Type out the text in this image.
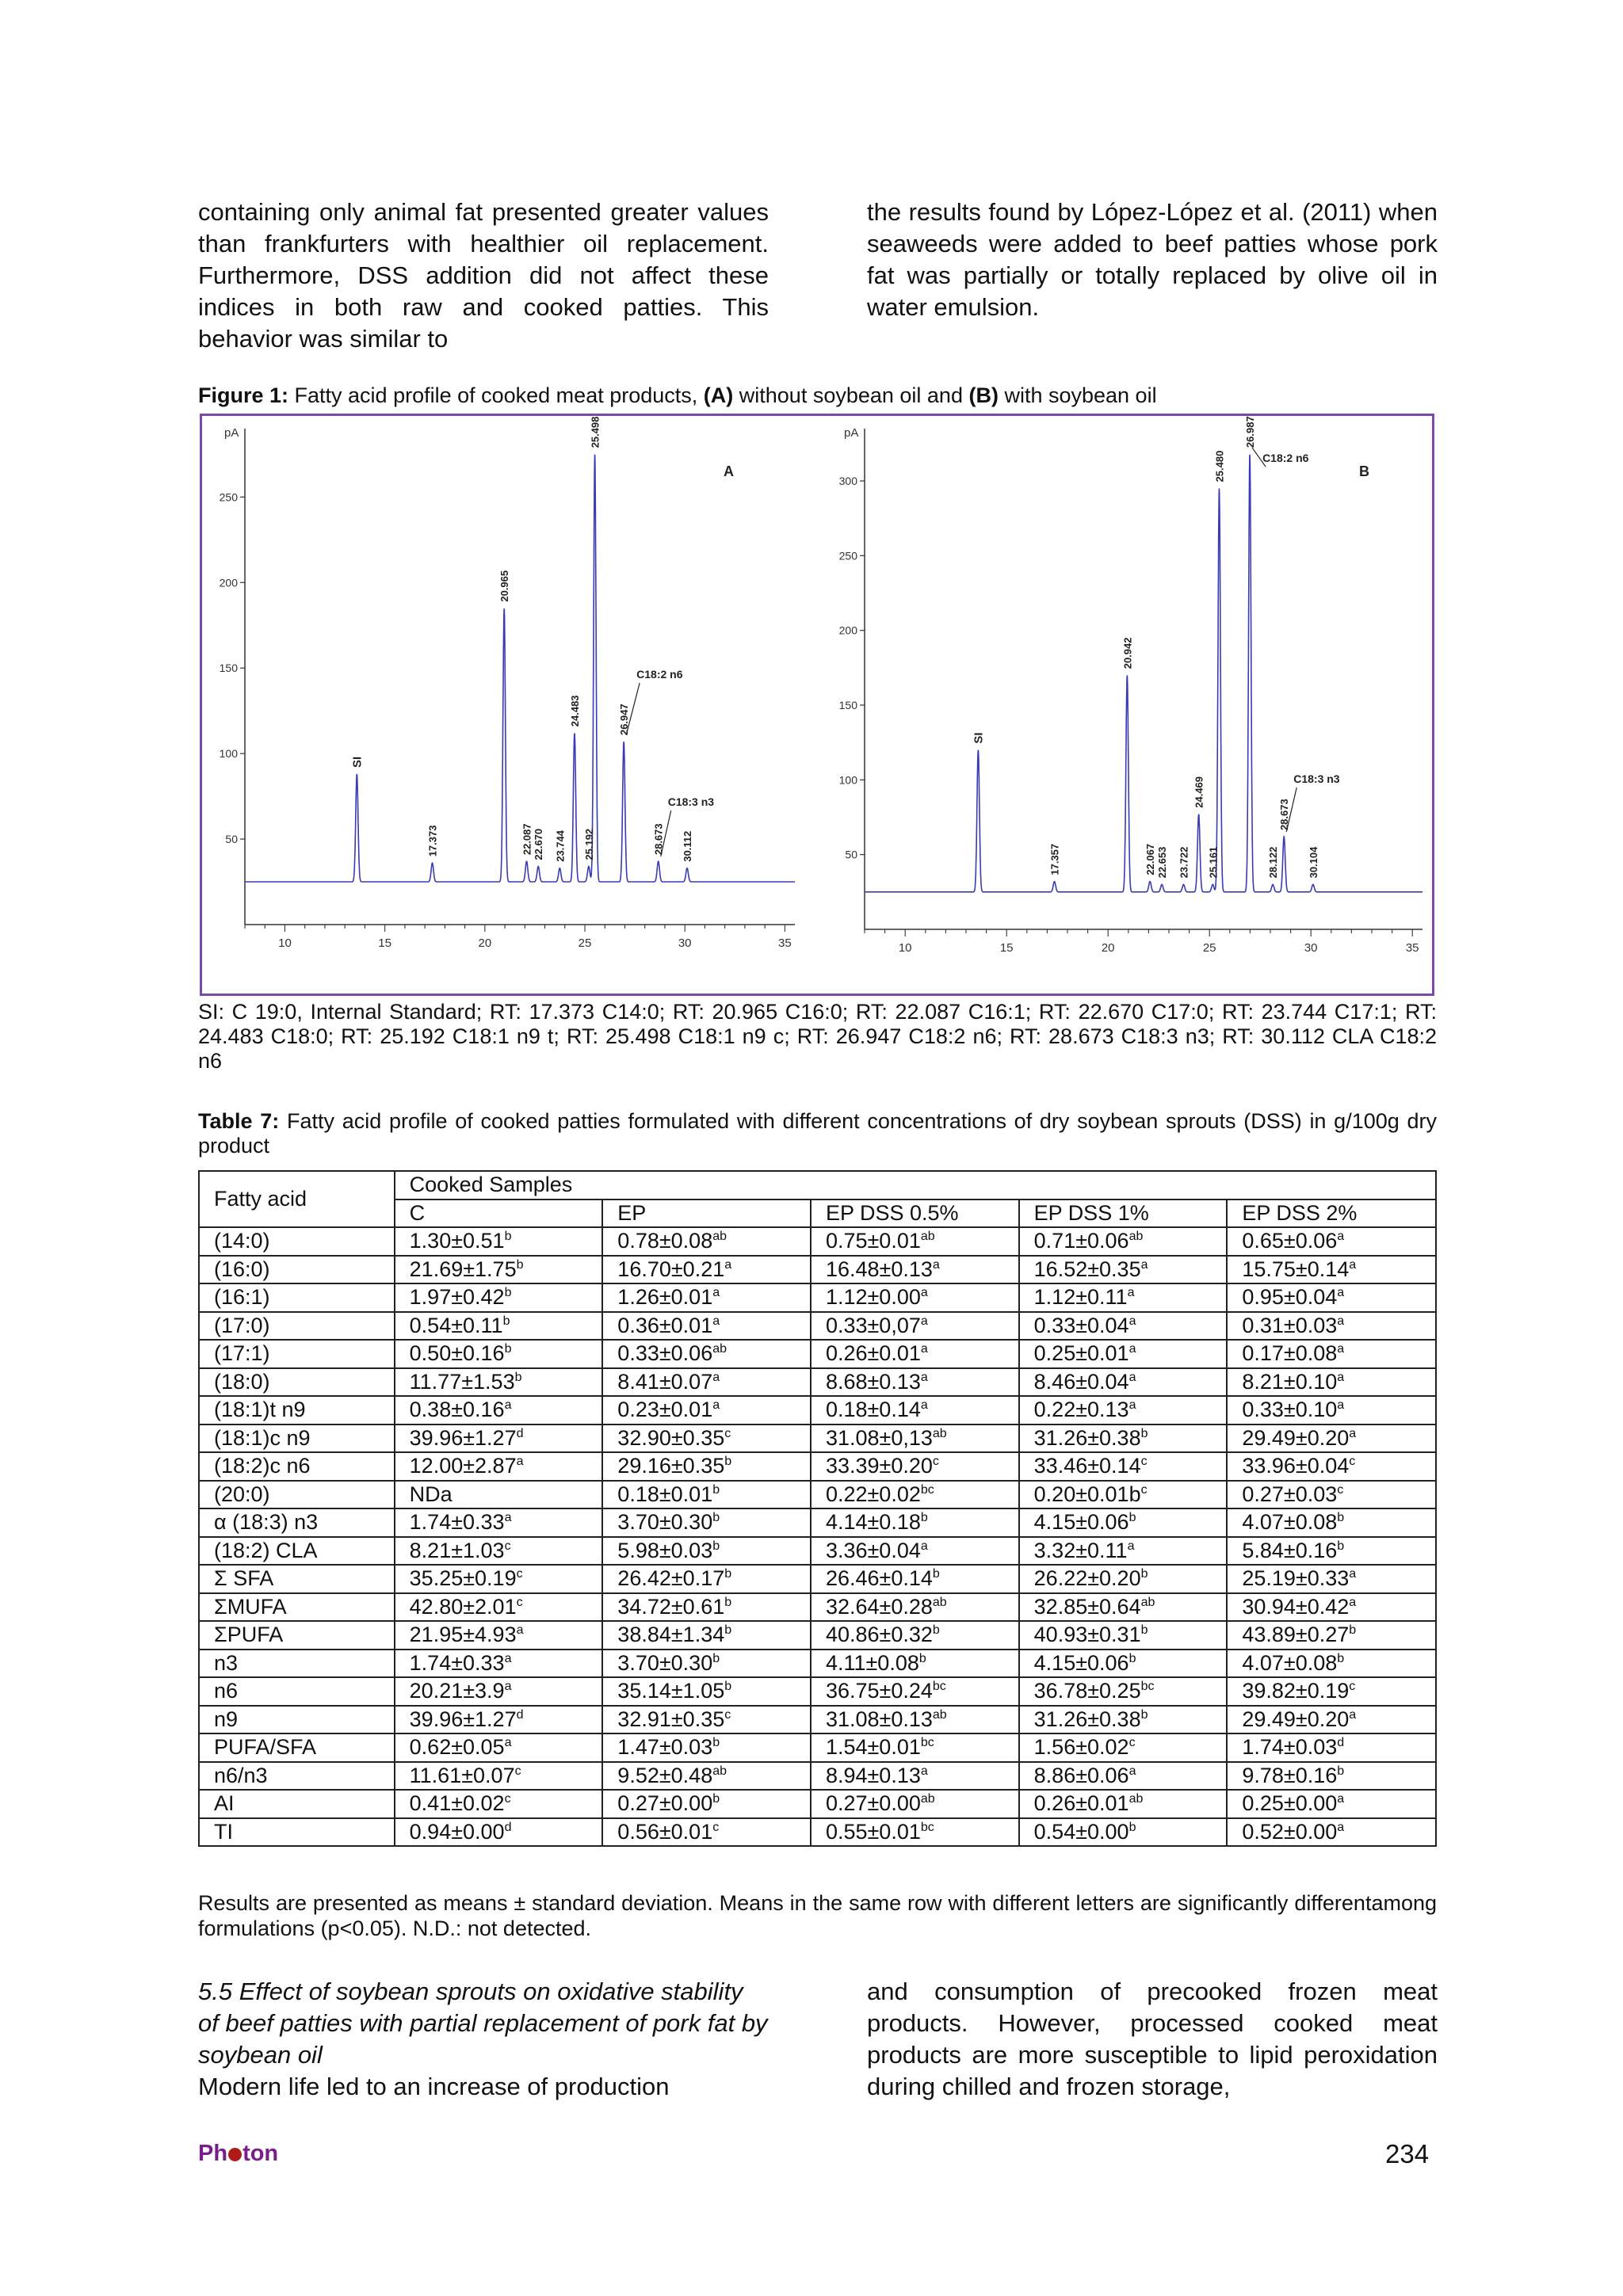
containing only animal fat presented greater values than frankfurters with healthier oil replacement. Furthermore, DSS addition did not affect these indices in both raw and cooked patties. This behavior was similar to

the results found by López-López et al. (2011) when seaweeds were added to beef patties whose pork fat was partially or totally replaced by olive oil in water emulsion.

Figure 1: Fatty acid profile of cooked meat products, (A) without soybean oil and (B) with soybean oil
pA
50
100
150
200
250
10	15	20	25	30	35
SI
17.373
20.965
22.087 22.670 23.744
24.483
25.192
25.498
26.947
28.673 30.112
C18:2 n6
C18:3 n3
A
pA
50
100
150
200
250
300
10	15	20	25	30	35
SI
17.357
20.942
22.067 22.653 23.722
24.469
25.161
25.480
26.987
28.122
28.673
30.104
C18:2 n6
C18:3 n3
B
SI: C 19:0, Internal Standard; RT: 17.373 C14:0; RT: 20.965 C16:0; RT: 22.087 C16:1; RT: 22.670 C17:0; RT: 23.744 C17:1; RT: 24.483 C18:0; RT: 25.192 C18:1 n9 t; RT: 25.498 C18:1 n9 c; RT: 26.947 C18:2 n6; RT: 28.673 C18:3 n3; RT: 30.112 CLA C18:2 n6
Table 7: Fatty acid profile of cooked patties formulated with different concentrations of dry soybean sprouts (DSS) in g/100g dry product
Fatty acid	Cooked Samples				
	C	EP	EP DSS 0.5%	EP DSS 1%	EP DSS 2%
(14:0)	1.30±0.51$^b$	0.78±0.08$^{ab}$	0.75±0.01$^{ab}$	0.71±0.06$^{ab}$	0.65±0.06$^a$
(16:0)	21.69±1.75$^b$	16.70±0.21$^a$	16.48±0.13$^a$	16.52±0.35$^a$	15.75±0.14$^a$
(16:1)	1.97±0.42$^b$	1.26±0.01$^a$	1.12±0.00$^a$	1.12±0.11$^a$	0.95±0.04$^a$
(17:0)	0.54±0.11$^b$	0.36±0.01$^a$	0.33±0,07$^a$	0.33±0.04$^a$	0.31±0.03$^a$
(17:1)	0.50±0.16$^b$	0.33±0.06$^{ab}$	0.26±0.01$^a$	0.25±0.01$^a$	0.17±0.08$^a$
(18:0)	11.77±1.53$^b$	8.41±0.07$^a$	8.68±0.13$^a$	8.46±0.04$^a$	8.21±0.10$^a$
(18:1)t n9	0.38±0.16$^a$	0.23±0.01$^a$	0.18±0.14$^a$	0.22±0.13$^a$	0.33±0.10$^a$
(18:1)c n9	39.96±1.27$^d$	32.90±0.35$^c$	31.08±0,13$^{ab}$	31.26±0.38$^b$	29.49±0.20$^a$
(18:2)c n6	12.00±2.87$^a$	29.16±0.35$^b$	33.39±0.20$^c$	33.46±0.14$^c$	33.96±0.04$^c$
(20:0)	NDa	0.18±0.01$^b$	0.22±0.02$^{bc}$	$0.20\pm 0.01b^c$	0.27±0.03$^c$
α (18:3) n3	1.74±0.33$^a$	3.70±0.30$^b$	4.14±0.18$^b$	4.15±0.06$^b$	4.07±0.08$^b$
(18:2) CLA	8.21±1.03$^c$	5.98±0.03$^b$	3.36±0.04$^a$	3.32±0.11$^a$	5.84±0.16$^b$
Σ SFA	35.25±0.19$^c$	26.42±0.17$^b$	26.46±0.14$^b$	26.22±0.20$^b$	25.19±0.33$^a$
ΣMUFA	42.80±2.01$^c$	34.72±0.61$^b$	32.64±0.28$^{ab}$	32.85±0.64$^{ab}$	30.94±0.42$^a$
ΣPUFA	21.95±4.93$^a$	38.84±1.34$^b$	40.86±0.32$^b$	40.93±0.31$^b$	43.89±0.27$^b$
n3	1.74±0.33$^a$	3.70±0.30$^b$	4.11±0.08$^b$	4.15±0.06$^b$	4.07±0.08$^b$
n6	20.21±3.9$^a$	35.14±1.05$^b$	36.75±0.24$^{bc}$	36.78±0.25$^{bc}$	39.82±0.19$^c$
n9	39.96±1.27$^d$	32.91±0.35$^c$	31.08±0.13$^{ab}$	31.26±0.38$^b$	29.49±0.20$^a$
PUFA/SFA	0.62±0.05$^a$	1.47±0.03$^b$	1.54±0.01$^{bc}$	1.56±0.02$^c$	1.74±0.03$^d$
n6/n3	11.61±0.07$^c$	9.52±0.48$^{ab}$	8.94±0.13$^a$	8.86±0.06$^a$	9.78±0.16$^b$
AI	0.41±0.02$^c$	0.27±0.00$^b$	0.27±0.00$^{ab}$	0.26±0.01$^{ab}$	0.25±0.00$^a$
TI	0.94±0.00$^d$	0.56±0.01$^c$	0.55±0.01$^{bc}$	0.54±0.00$^b$	0.52±0.00$^a$
Results are presented as means ± standard deviation. Means in the same row with different letters are significantly differentamong formulations (p<0.05). N.D.: not detected.

5.5 Effect of soybean sprouts on oxidative stability of beef patties with partial replacement of pork fat by soybean oil

Modern life led to an increase of production

and consumption of precooked frozen meat products. However, processed cooked meat products are more susceptible to lipid peroxidation during chilled and frozen storage,

Ph ton	234
